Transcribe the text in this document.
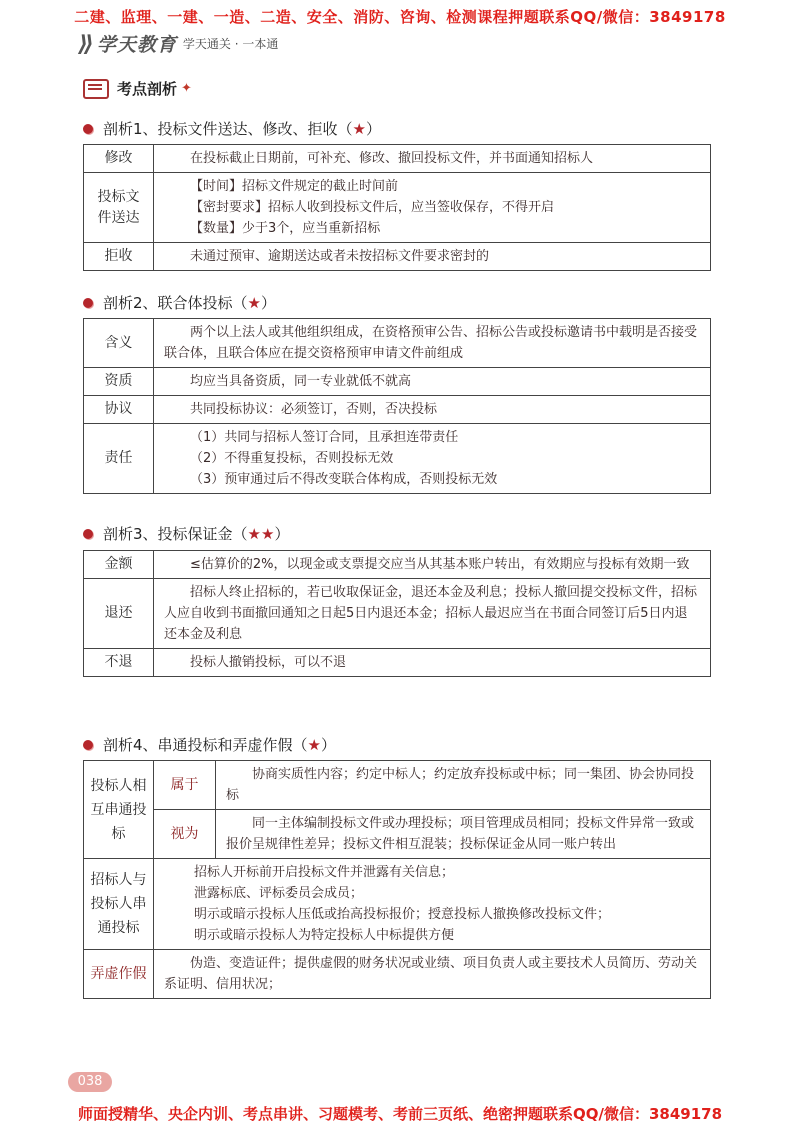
二建、监理、一建、一造、二造、安全、消防、咨询、检测课程押题联系QQ/微信：3849178
⟫ 学天教育 学天通关 · 一本通
考点剖析 ✦
剖析1、投标文件送达、修改、拒收（ ★ ）
修改	在投标截止日期前，可补充、修改、撤回投标文件，并书面通知招标人
投标文件送达	【时间】招标文件规定的截止时间前
【密封要求】招标人收到投标文件后，应当签收保存，不得开启
【数量】少于3个，应当重新招标

拒收	未通过预审、逾期送达或者未按招标文件要求密封的
剖析2、联合体投标（ ★ ）
含义	两个以上法人或其他组织组成，在资格预审公告、招标公告或投标邀请书中载明是否接受联合体，且联合体应在提交资格预审申请文件前组成
资质	均应当具备资质，同一专业就低不就高
协议	共同投标协议：必须签订，否则，否决投标
责任	（1）共同与招标人签订合同，且承担连带责任
（2）不得重复投标，否则投标无效
（3）预审通过后不得改变联合体构成，否则投标无效
剖析3、投标保证金（ ★★ ）
金额	≤估算价的2%，以现金或支票提交应当从其基本账户转出，有效期应与投标有效期一致
退还	招标人终止招标的，若已收取保证金，退还本金及利息；投标人撤回提交投标文件，招标人应自收到书面撤回通知之日起5日内退还本金；招标人最迟应当在书面合同签订后5日内退还本金及利息
不退	投标人撤销投标，可以不退
剖析4、串通投标和弄虚作假（ ★ ）
投标人相互串通投标	属于	协商实质性内容；约定中标人；约定放弃投标或中标；同一集团、协会协同投标
	视为	同一主体编制投标文件或办理投标；项目管理成员相同；投标文件异常一致或报价呈规律性差异；投标文件相互混装；投标保证金从同一账户转出
招标人与投标人串通投标	招标人开标前开启投标文件并泄露有关信息；
泄露标底、评标委员会成员；
明示或暗示投标人压低或抬高投标报价；授意投标人撤换修改投标文件；
明示或暗示投标人为特定投标人中标提供方便	

弄虚作假	伪造、变造证件；提供虚假的财务状况或业绩、项目负责人或主要技术人员简历、劳动关系证明、信用状况；	
038
师面授精华、央企内训、考点串讲、习题模考、考前三页纸、绝密押题联系QQ/微信：3849178
